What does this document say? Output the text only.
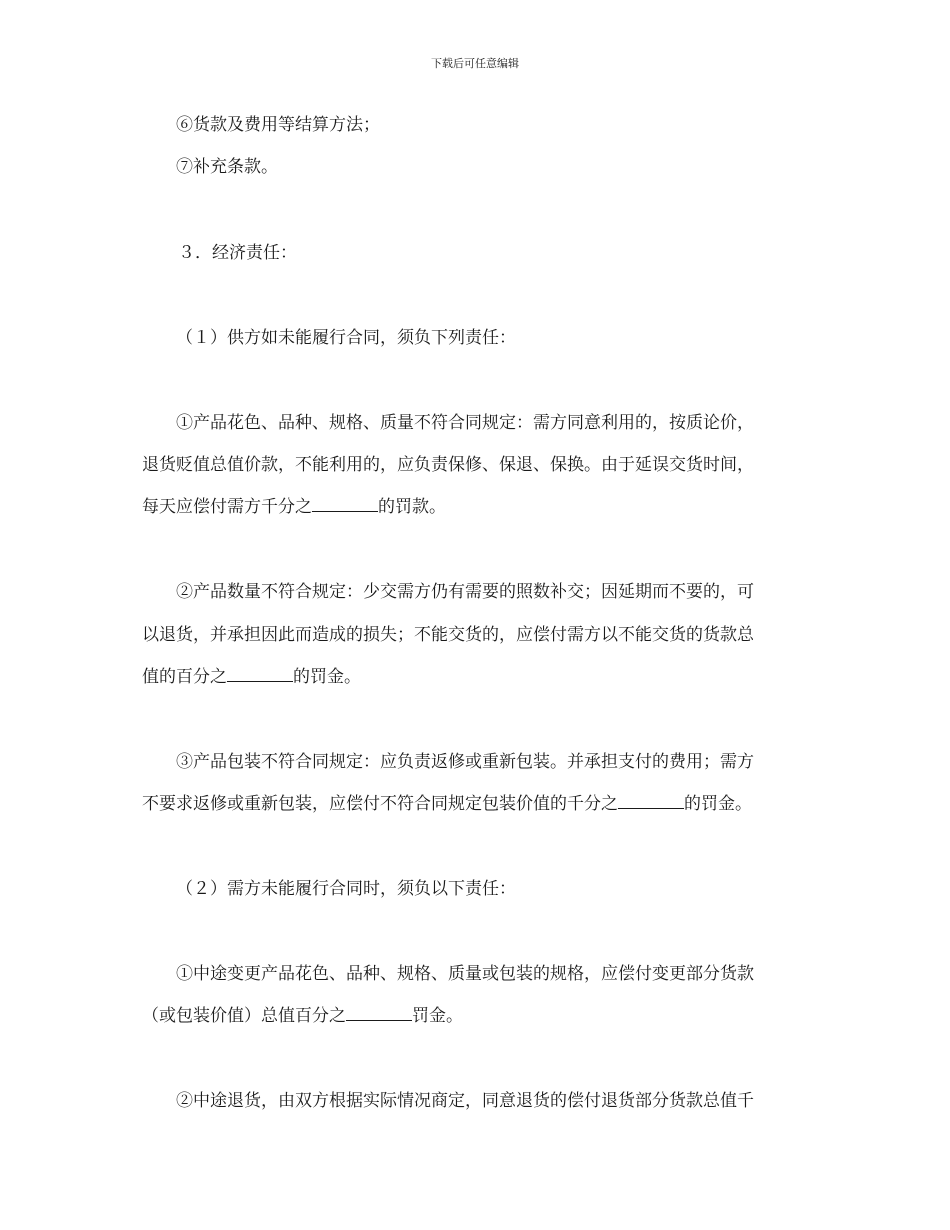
下载后可任意编辑
⑥货款及费用等结算方法；
⑦补充条款。
３．经济责任：
（１）供方如未能履行合同，须负下列责任：
①产品花色、品种、规格、质量不符合同规定：需方同意利用的，按质论价，
退货贬值总值价款，不能利用的，应负责保修、保退、保换。由于延误交货时间，
每天应偿付需方千分之	的罚款。
②产品数量不符合规定：少交需方仍有需要的照数补交；因延期而不要的，可
以退货，并承担因此而造成的损失；不能交货的，应偿付需方以不能交货的货款总
值的百分之	的罚金。
③产品包装不符合同规定：应负责返修或重新包装。并承担支付的费用；需方
不要求返修或重新包装，应偿付不符合同规定包装价值的千分之	的罚金。
（２）需方未能履行合同时，须负以下责任：
①中途变更产品花色、品种、规格、质量或包装的规格，应偿付变更部分货款
（或包装价值）总值百分之	罚金。
②中途退货，由双方根据实际情况商定，同意退货的偿付退货部分货款总值千
